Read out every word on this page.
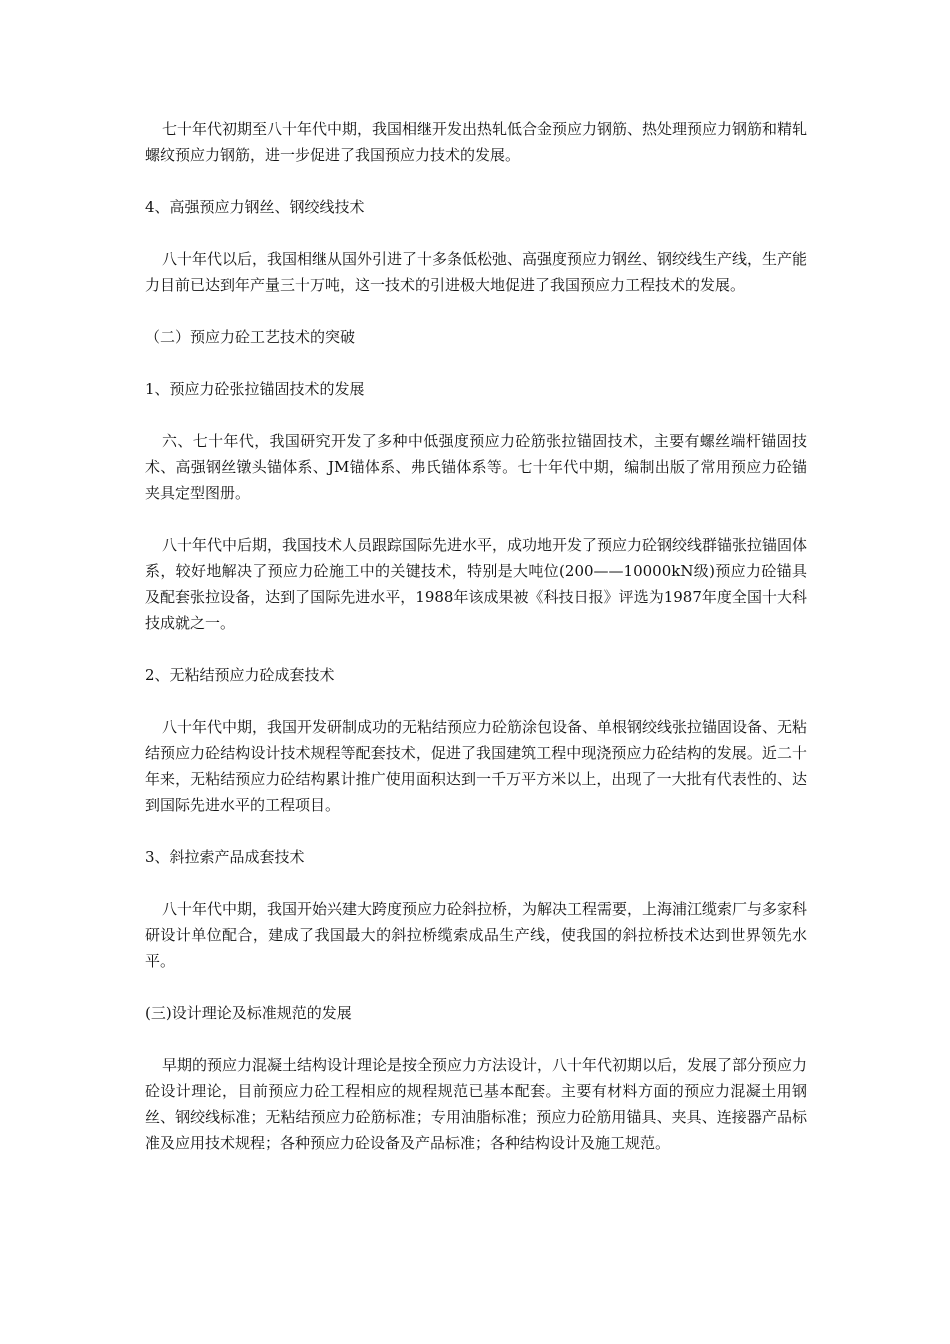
七十年代初期至八十年代中期，我国相继开发出热轧低合金预应力钢筋、热处理预应力钢筋和精轧螺纹预应力钢筋，进一步促进了我国预应力技术的发展。

4、高强预应力钢丝、钢绞线技术

八十年代以后，我国相继从国外引进了十多条低松弛、高强度预应力钢丝、钢绞线生产线，生产能力目前已达到年产量三十万吨，这一技术的引进极大地促进了我国预应力工程技术的发展。

（二）预应力砼工艺技术的突破

1、预应力砼张拉锚固技术的发展

六、七十年代，我国研究开发了多种中低强度预应力砼筋张拉锚固技术，主要有螺丝端杆锚固技术、高强钢丝镦头锚体系、JM锚体系、弗氏锚体系等。七十年代中期，编制出版了常用预应力砼锚夹具定型图册。

八十年代中后期，我国技术人员跟踪国际先进水平，成功地开发了预应力砼钢绞线群锚张拉锚固体系，较好地解决了预应力砼施工中的关键技术，特别是大吨位(200——10000kN级)预应力砼锚具及配套张拉设备，达到了国际先进水平，1988年该成果被《科技日报》评选为1987年度全国十大科技成就之一。

2、无粘结预应力砼成套技术

八十年代中期，我国开发研制成功的无粘结预应力砼筋涂包设备、单根钢绞线张拉锚固设备、无粘结预应力砼结构设计技术规程等配套技术，促进了我国建筑工程中现浇预应力砼结构的发展。近二十年来，无粘结预应力砼结构累计推广使用面积达到一千万平方米以上，出现了一大批有代表性的、达到国际先进水平的工程项目。

3、斜拉索产品成套技术

八十年代中期，我国开始兴建大跨度预应力砼斜拉桥，为解决工程需要，上海浦江缆索厂与多家科研设计单位配合，建成了我国最大的斜拉桥缆索成品生产线，使我国的斜拉桥技术达到世界领先水平。

(三)设计理论及标准规范的发展

早期的预应力混凝土结构设计理论是按全预应力方法设计，八十年代初期以后，发展了部分预应力砼设计理论，目前预应力砼工程相应的规程规范已基本配套。主要有材料方面的预应力混凝土用钢丝、钢绞线标准；无粘结预应力砼筋标准；专用油脂标准；预应力砼筋用锚具、夹具、连接器产品标准及应用技术规程；各种预应力砼设备及产品标准；各种结构设计及施工规范。
